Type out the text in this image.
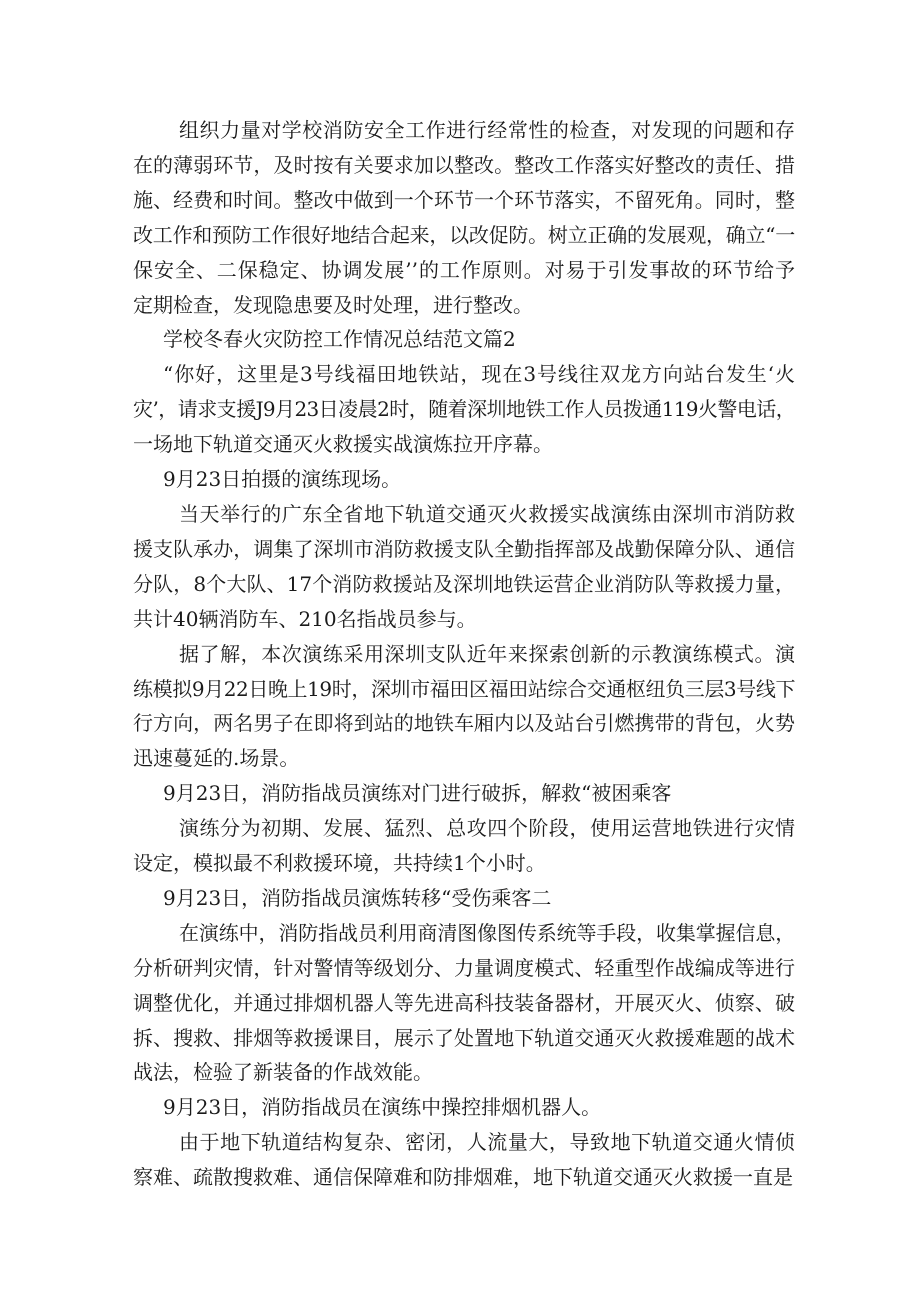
组织力量对学校消防安全工作进行经常性的检查，对发现的问题和存
在的薄弱环节，及时按有关要求加以整改。整改工作落实好整改的责任、措
施、经费和时间。整改中做到一个环节一个环节落实，不留死角。同时，整
改工作和预防工作很好地结合起来，以改促防。树立正确的发展观，确立“一
保安全、二保稳定、协调发展’’的工作原则。对易于引发事故的环节给予
定期检查，发现隐患要及时处理，进行整改。
学校冬春火灾防控工作情况总结范文篇2
“你好，这里是3号线福田地铁站，现在3号线往双龙方向站台发生‘火
灾’，请求支援J9月23日凌晨2时，随着深圳地铁工作人员拨通119火警电话，
一场地下轨道交通灭火救援实战演炼拉开序幕。
9月23日拍摄的演练现场。
当天举行的广东全省地下轨道交通灭火救援实战演练由深圳市消防救
援支队承办，调集了深圳市消防救援支队全勤指挥部及战勤保障分队、通信
分队，8个大队、17个消防救援站及深圳地铁运营企业消防队等救援力量，
共计40辆消防车、210名指战员参与。
据了解，本次演练采用深圳支队近年来探索创新的示教演练模式。演
练模拟9月22日晚上19时，深圳市福田区福田站综合交通枢纽负三层3号线下
行方向，两名男子在即将到站的地铁车厢内以及站台引燃携带的背包，火势
迅速蔓延的.场景。
9月23日，消防指战员演练对门进行破拆，解救“被困乘客
演练分为初期、发展、猛烈、总攻四个阶段，使用运营地铁进行灾情
设定，模拟最不利救援环境，共持续1个小时。
9月23日，消防指战员演炼转移“受伤乘客二
在演练中，消防指战员利用商清图像图传系统等手段，收集掌握信息，
分析研判灾情，针对警情等级划分、力量调度模式、轻重型作战编成等进行
调整优化，并通过排烟机器人等先进高科技装备器材，开展灭火、侦察、破
拆、搜救、排烟等救援课目，展示了处置地下轨道交通灭火救援难题的战术
战法，检验了新装备的作战效能。
9月23日，消防指战员在演练中操控排烟机器人。
由于地下轨道结构复杂、密闭，人流量大，导致地下轨道交通火情侦
察难、疏散搜救难、通信保障难和防排烟难，地下轨道交通灭火救援一直是
